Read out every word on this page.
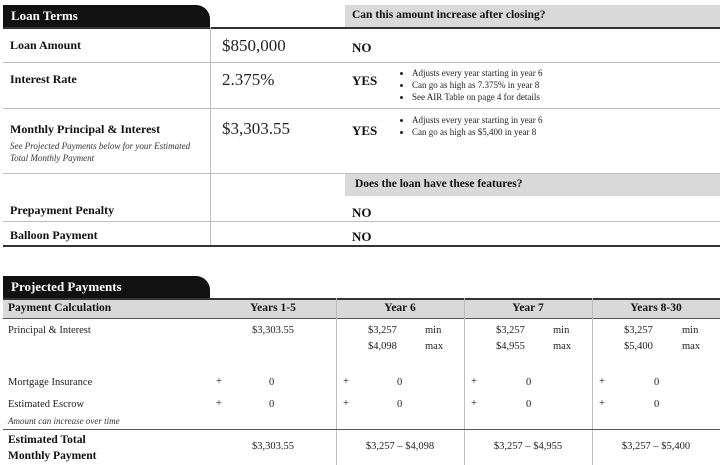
Loan Terms	Can this amount increase after closing?
Loan Amount	$850,000	NO
Interest Rate	2.375%	YES
•	Adjusts every year starting in year 6
• Can go as high as 7.375% in year 8
• See AIR Table on page 4 for details
Monthly Principal & Interest
See Projected Payments below for your Estimated Total Monthly Payment
$3,303.55	YES
• Adjusts every year starting in year 6
• Can go as high as $5,400 in year 8
Does the loan have these features?
Prepayment Penalty	NO
Balloon Payment	NO
Projected Payments
Payment Calculation	Years 1-5	Year 6	Year 7	Years 8-30
Principal & Interest	$3,303.55	$3,257	min
$4,098	max
$3,257	min
$4,955	max
$3,257	min
$5,400	max
Mortgage Insurance	+	0	+	0	+	0	+	0
Estimated Escrow
Amount can increase over time
+	0	+	0	+	0	+	0
Estimated Total
Monthly Payment
$3,303.55	$3,257 – $4,098	$3,257 – $4,955	$3,257 – $5,400
